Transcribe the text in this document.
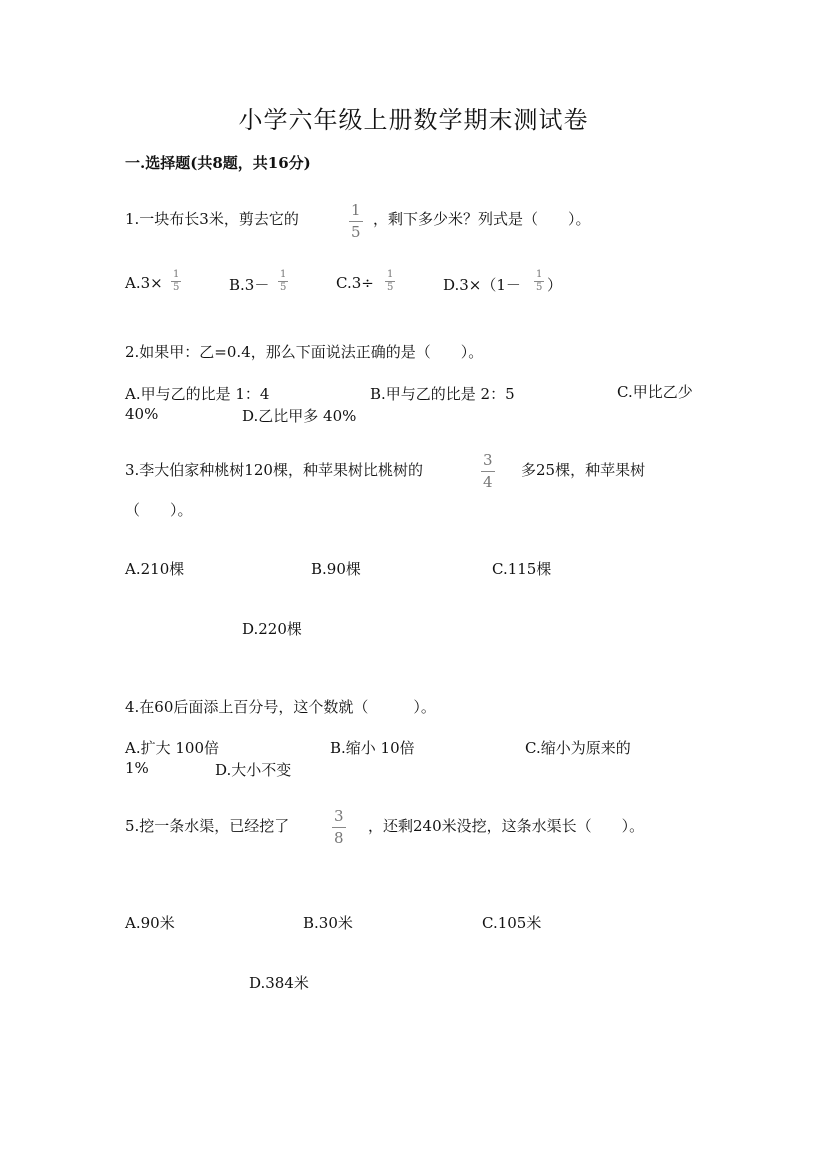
小学六年级上册数学期末测试卷
一.选择题(共8题，共16分)
1.一块布长3米，剪去它的	1
5
，剩下多少米？列式是（　　）。
A.3× 1
5	B.3－
1
5	C.3÷ 1
5	D.3×（1－
1
5 ）
2.如果甲：乙=0.4，那么下面说法正确的是（　　）。
A.甲与乙的比是 1：4	B.甲与乙的比是 2：5	C.甲比乙少
40%	D.乙比甲多 40%
3.李大伯家种桃树120棵，种苹果树比桃树的
3
4
多25棵，种苹果树
（　　）。
A.210棵	B.90棵	C.115棵
D.220棵
4.在60后面添上百分号，这个数就（　　　）。
A.扩大 100倍	B.缩小 10倍	C.缩小为原来的
1%	D.大小不变
5.挖一条水渠，已经挖了
3
8
，还剩240米没挖，这条水渠长（　　）。
A.90米	B.30米	C.105米
D.384米
